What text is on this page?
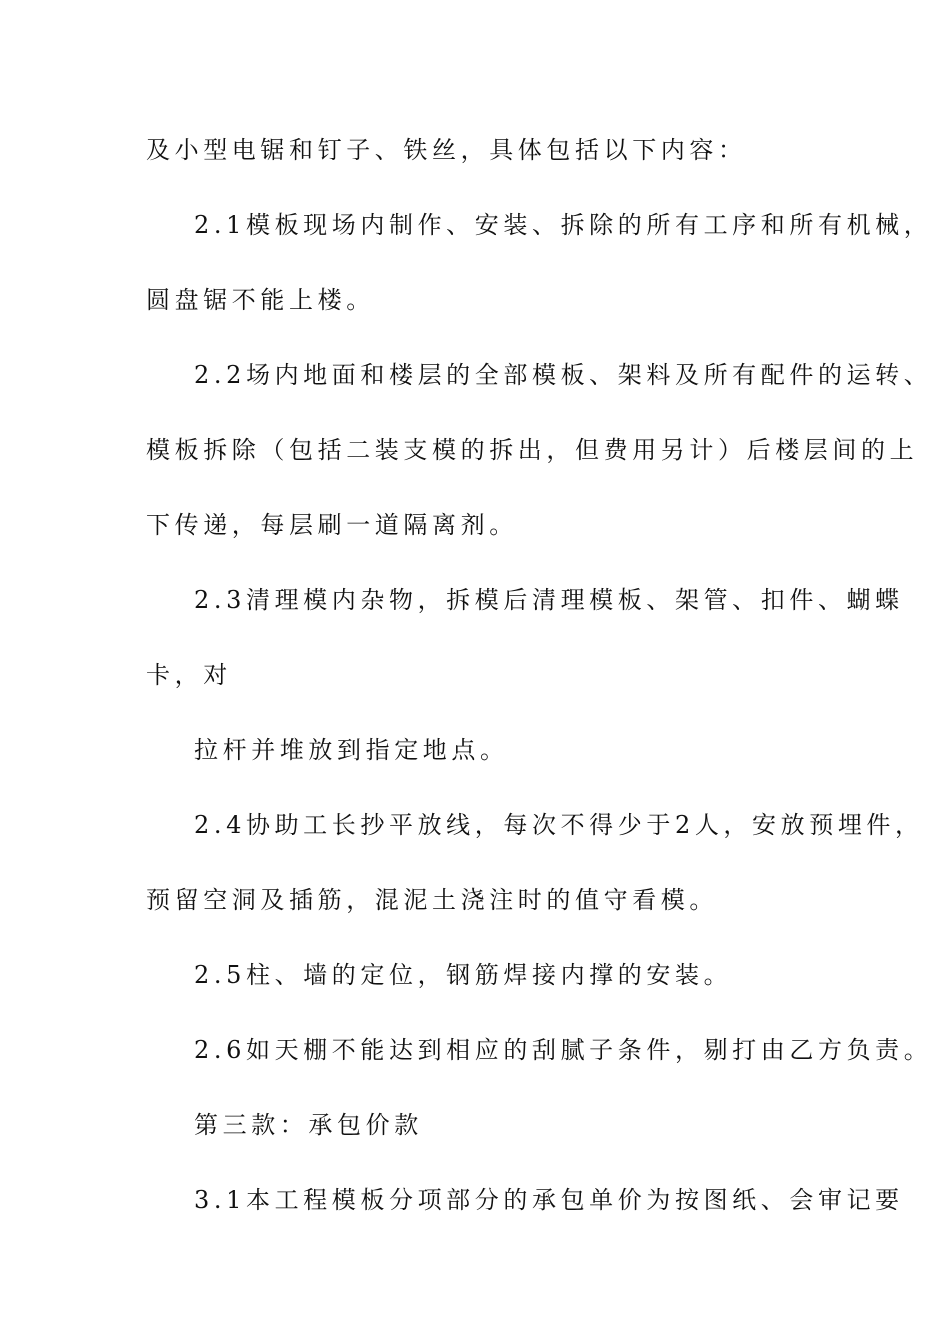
及小型电锯和钉子、铁丝，具体包括以下内容：
2.1模板现场内制作、安装、拆除的所有工序和所有机械，
圆盘锯不能上楼。
2.2场内地面和楼层的全部模板、架料及所有配件的运转、
模板拆除（包括二装支模的拆出，但费用另计）后楼层间的上
下传递，每层刷一道隔离剂。
2.3清理模内杂物，拆模后清理模板、架管、扣件、蝴蝶
卡，对
拉杆并堆放到指定地点。
2.4协助工长抄平放线，每次不得少于2人，安放预埋件，
预留空洞及插筋，混泥土浇注时的值守看模。
2.5柱、墙的定位，钢筋焊接内撑的安装。
2.6如天棚不能达到相应的刮腻子条件，剔打由乙方负责。
第三款：承包价款
3.1本工程模板分项部分的承包单价为按图纸、会审记要
